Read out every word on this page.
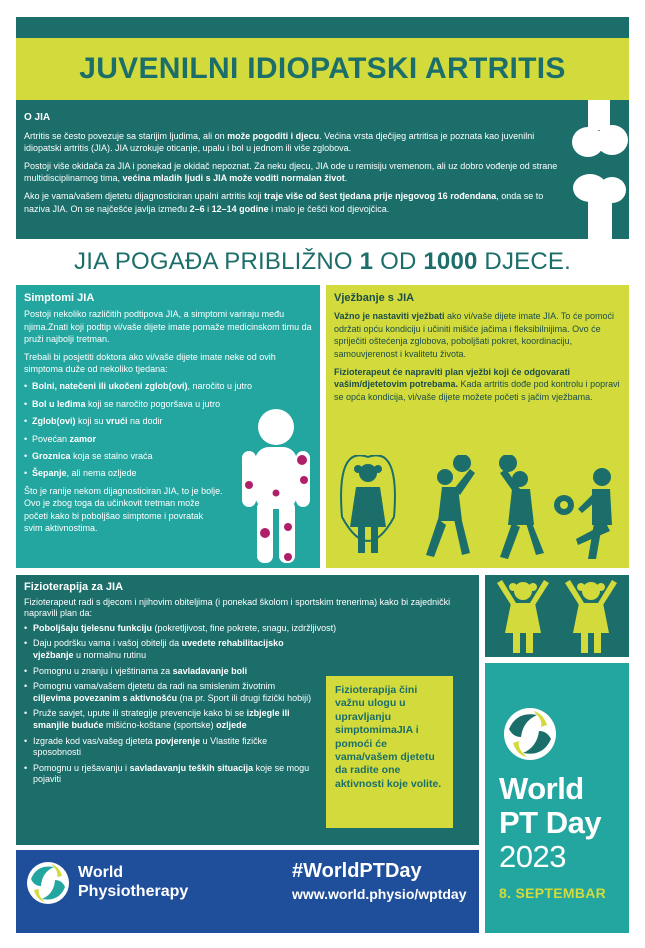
JUVENILNI IDIOPATSKI ARTRITIS
O JIA

Artritis se često povezuje sa starijim ljudima, ali on može pogoditi i djecu. Većina vrsta dječijeg artritisa je poznata kao juvenilni idiopatski artritis (JIA). JIA uzrokuje oticanje, upalu i bol u jednom ili više zglobova.

Postoji više okidača za JIA i ponekad je okidač nepoznat. Za neku djecu, JIA ode u remisiju vremenom, ali uz dobro vođenje od strane multidisciplinarnog tima, većina mladih ljudi s JIA može voditi normalan život.

Ako je vama/vašem djetetu dijagnosticiran upalni artritis koji traje više od šest tjedana prije njegovog 16 rođendana, onda se to naziva JIA. On se najčešće javlja između 2–6 i 12–14 godine i malo je češći kod djevojčica.

JIA POGAĐA PRIBLIŽNO 1 OD 1000 DJECE.
Simptomi JIA

Postoji nekoliko različitih podtipova JIA, a simptomi variraju među njima.Znati koji podtip vi/vaše dijete imate pomaže medicinskom timu da pruži najbolji tretman.

Trebali bi posjetiti doktora ako vi/vaše dijete imate neke od ovih simptoma duže od nekoliko tjedana:

• Bolni, natečeni ili ukočeni zglob(ovi), naročito u jutro
• Bol u leđima koji se naročito pogoršava u jutro
• Zglob(ovi) koji su vrući na dodir
• Povećan zamor
• Groznica koja se stalno vraća
• Šepanje, ali nema ozljede

Što je ranije nekom dijagnosticiran JIA, to je bolje. Ovo je zbog toga da učinkovit tretman može početi kako bi poboljšao simptome i povratak svim aktivnostima.

Vježbanje s JIA

Važno je nastaviti vježbati ako vi/vaše dijete imate JIA. To će pomoći održati opću kondiciju i učiniti mišiće jačima i fleksibilnijima. Ovo će spriječiti oštećenja zglobova, poboljšati pokret, koordinaciju, samouvjerenost i kvalitetu života.

Fizioterapeut će napraviti plan vježbi koji će odgovarati vašim/djetetovim potrebama. Kada artritis dođe pod kontrolu i popravi se opća kondicija, vi/vaše dijete možete početi s jačim vježbama.

Fizioterapija za JIA

Fizioterapeut radi s djecom i njihovim obiteljima (i ponekad školom i sportskim trenerima) kako bi zajednički napravili plan da:

• Poboljšaju tjelesnu funkciju (pokretljivost, fine pokrete, snagu, izdržljivost)
• Daju podršku vama i vašoj obitelji da uvedete rehabilitacijsko vježbanje u normalnu rutinu
• Pomognu u znanju i vještinama za savladavanje boli
• Pomognu vama/vašem djetetu da radi na smislenim životnim ciljevima povezanim s aktivnošću (na pr. Sport ili drugi fizički hobiji)
• Pruže savjet, upute ili strategije prevencije kako bi se izbjegle ili smanjile buduće mišićno-koštane (sportske) ozljede
• Izgrade kod vas/vašeg djeteta povjerenje u Vlastite fizičke sposobnosti
• Pomognu u rješavanju i savladavanju teških situacija koje se mogu pojaviti
Fizioterapija čini važnu ulogu u upravljanju simptomimaJIA i pomoći će vama/vašem djetetu da radite one aktivnosti koje volite.	World
PT Day
2023
8. SEPTEMBAR
World
Physiotherapy
#WorldPTDay
www.world.physio/wptday
